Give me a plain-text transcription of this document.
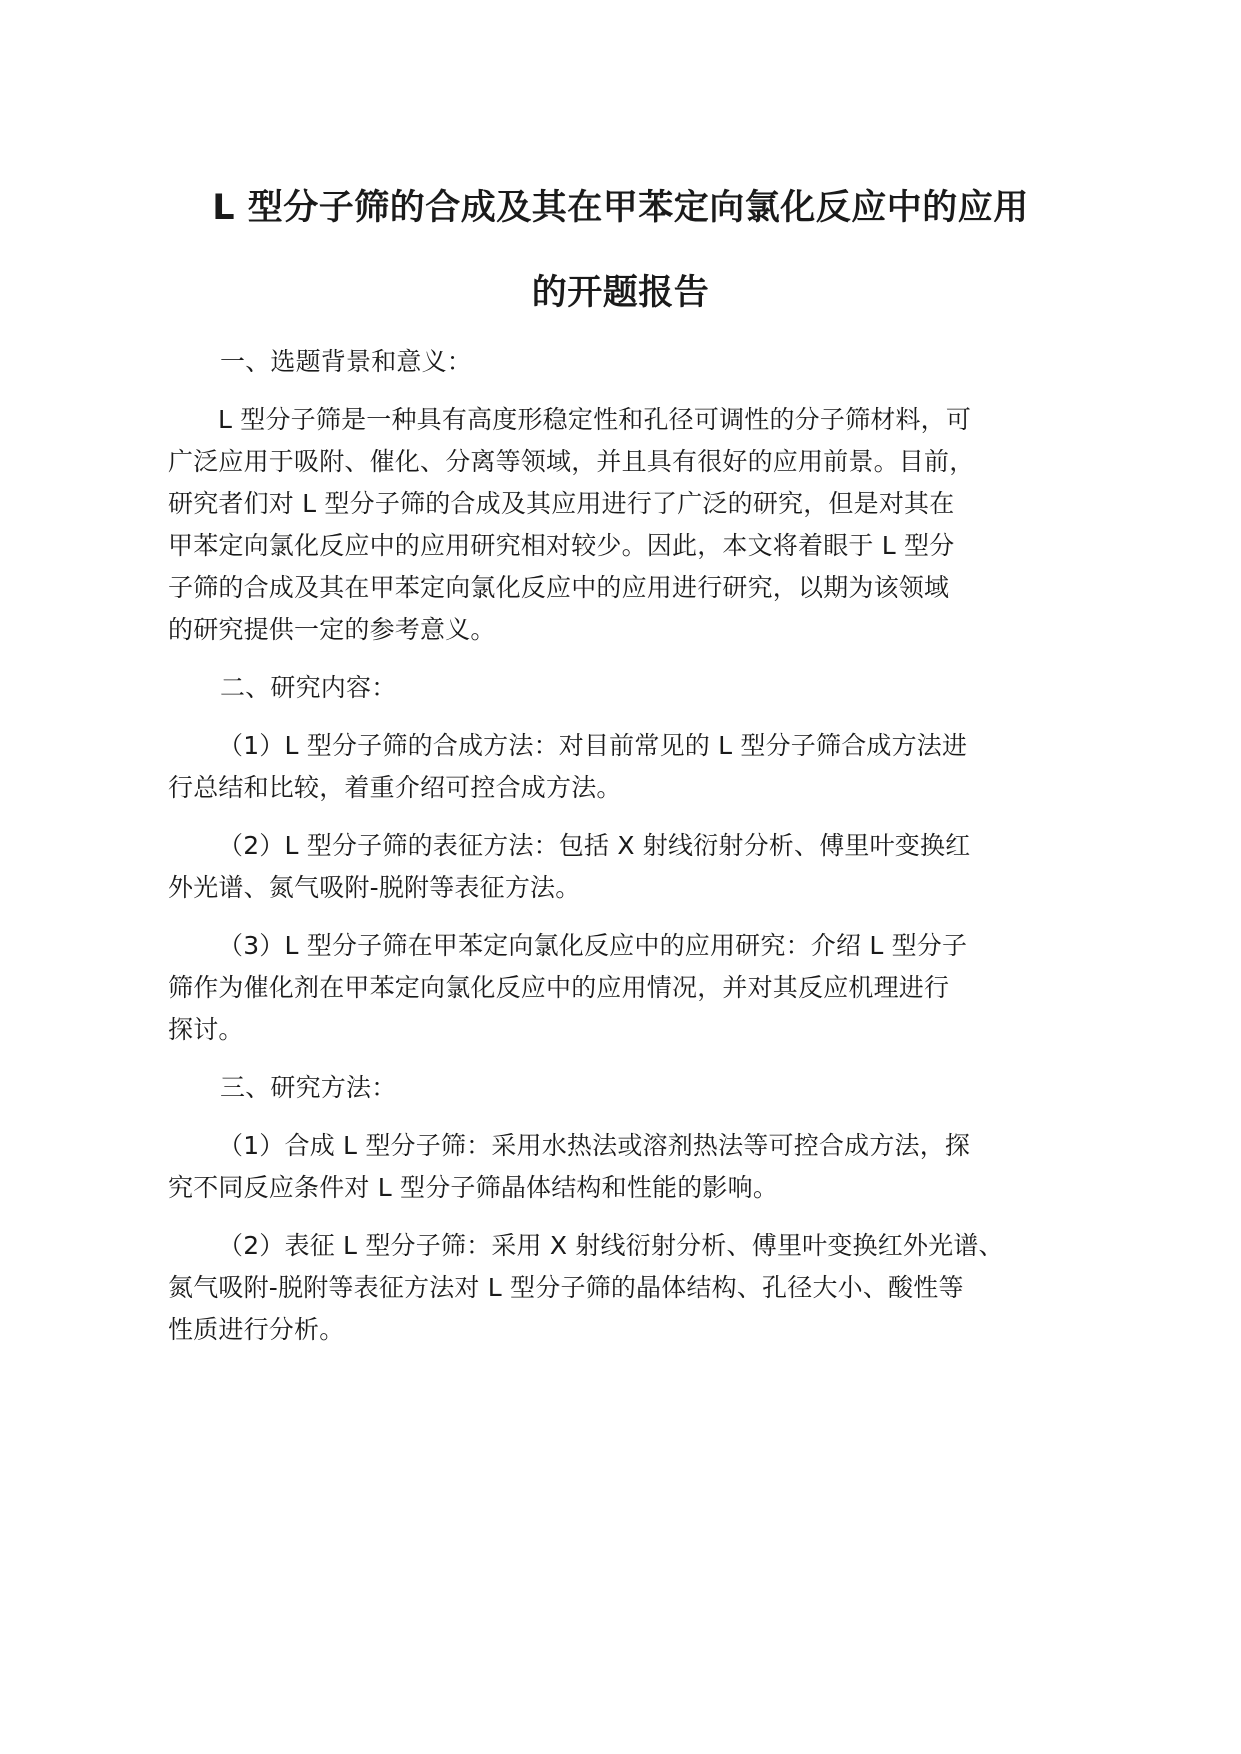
L 型分子筛的合成及其在甲苯定向氯化反应中的应用
的开题报告
一、选题背景和意义：
L 型分子筛是一种具有高度形稳定性和孔径可调性的分子筛材料，可
广泛应用于吸附、催化、分离等领域，并且具有很好的应用前景。目前，
研究者们对 L 型分子筛的合成及其应用进行了广泛的研究，但是对其在
甲苯定向氯化反应中的应用研究相对较少。因此，本文将着眼于 L 型分
子筛的合成及其在甲苯定向氯化反应中的应用进行研究，以期为该领域
的研究提供一定的参考意义。
二、研究内容：
（1）L 型分子筛的合成方法：对目前常见的 L 型分子筛合成方法进
行总结和比较，着重介绍可控合成方法。
（2）L 型分子筛的表征方法：包括 X 射线衍射分析、傅里叶变换红
外光谱、氮气吸附-脱附等表征方法。
（3）L 型分子筛在甲苯定向氯化反应中的应用研究：介绍 L 型分子
筛作为催化剂在甲苯定向氯化反应中的应用情况，并对其反应机理进行
探讨。
三、研究方法：
（1）合成 L 型分子筛：采用水热法或溶剂热法等可控合成方法，探
究不同反应条件对 L 型分子筛晶体结构和性能的影响。
（2）表征 L 型分子筛：采用 X 射线衍射分析、傅里叶变换红外光谱、
氮气吸附-脱附等表征方法对 L 型分子筛的晶体结构、孔径大小、酸性等
性质进行分析。
